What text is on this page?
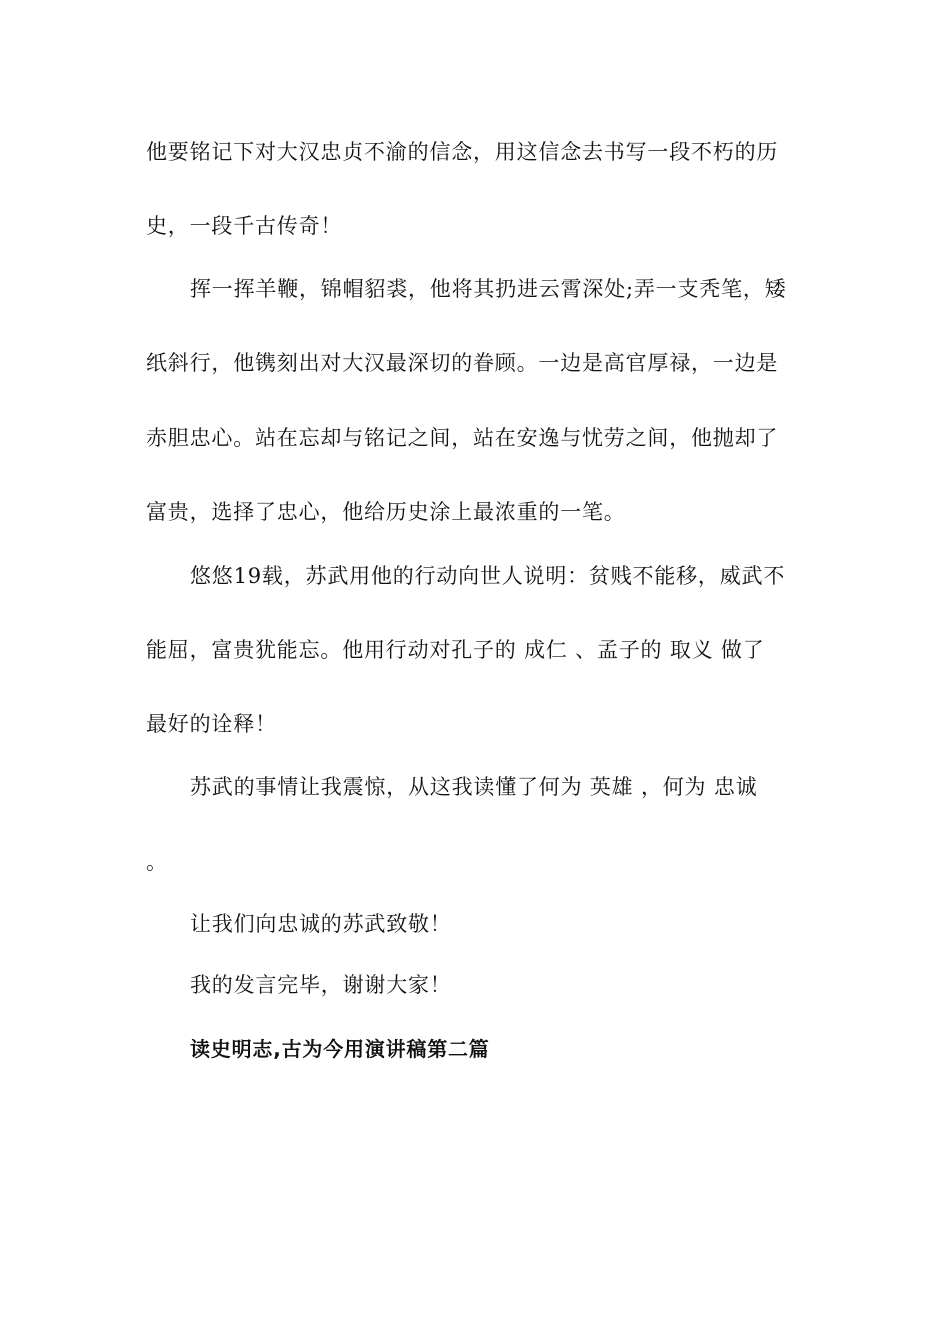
他要铭记下对大汉忠贞不渝的信念，用这信念去书写一段不朽的历
史，一段千古传奇！
挥一挥羊鞭，锦帽貂裘，他将其扔进云霄深处;弄一支秃笔，矮
纸斜行，他镌刻出对大汉最深切的眷顾。一边是高官厚禄，一边是
赤胆忠心。站在忘却与铭记之间，站在安逸与忧劳之间，他抛却了
富贵，选择了忠心，他给历史涂上最浓重的一笔。
悠悠19载，苏武用他的行动向世人说明：贫贱不能移，威武不
能屈，富贵犹能忘。他用行动对孔子的 成仁 、孟子的 取义 做了
最好的诠释！
苏武的事情让我震惊，从这我读懂了何为 英雄 ，何为 忠诚
。
让我们向忠诚的苏武致敬！
我的发言完毕，谢谢大家！
读史明志,古为今用演讲稿第二篇
